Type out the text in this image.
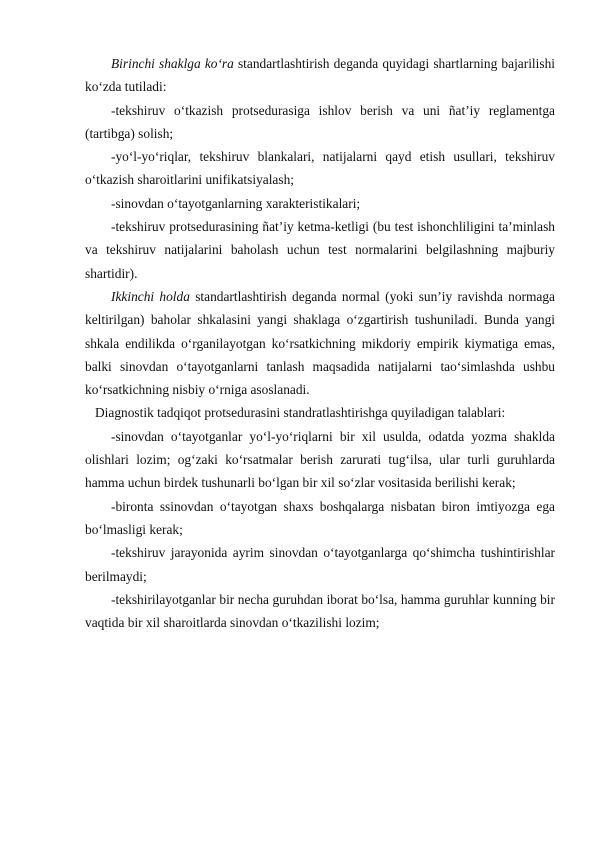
Birinchi shaklga ko‘ra standartlashtirish deganda quyidagi shartlarning bajarilishi ko‘zda tutiladi:

-tekshiruv o‘tkazish protsedurasiga ishlov berish va uni ñat’iy reglamentga (tartibga) solish;

-yo‘l-yo‘riqlar, tekshiruv blankalari, natijalarni qayd etish usullari, tekshiruv o‘tkazish sharoitlarini unifikatsiyalash;

-sinovdan o‘tayotganlarning xarakteristikalari;

-tekshiruv protsedurasining ñat’iy ketma-ketligi (bu test ishonchliligini ta’minlash va tekshiruv natijalarini baholash uchun test normalarini belgilashning majburiy shartidir).

Ikkinchi holda standartlashtirish deganda normal (yoki sun’iy ravishda normaga keltirilgan) baholar shkalasini yangi shaklaga o‘zgartirish tushuniladi. Bunda yangi shkala endilikda o‘rganilayotgan ko‘rsatkichning mikdoriy empirik kiymatiga emas, balki sinovdan o‘tayotganlarni tanlash maqsadida natijalarni tao‘simlashda ushbu ko‘rsatkichning nisbiy o‘rniga asoslanadi.

Diagnostik tadqiqot protsedurasini standratlashtirishga quyiladigan talablari:

-sinovdan o‘tayotganlar yo‘l-yo‘riqlarni bir xil usulda, odatda yozma shaklda olishlari lozim; og‘zaki ko‘rsatmalar berish zarurati tug‘ilsa, ular turli guruhlarda hamma uchun birdek tushunarli bo‘lgan bir xil so‘zlar vositasida berilishi kerak;

-bironta ssinovdan o‘tayotgan shaxs boshqalarga nisbatan biron imtiyozga ega bo‘lmasligi kerak;

-tekshiruv jarayonida ayrim sinovdan o‘tayotganlarga qo‘shimcha tushintirishlar berilmaydi;

-tekshirilayotganlar bir necha guruhdan iborat bo‘lsa, hamma guruhlar kunning bir vaqtida bir xil sharoitlarda sinovdan o‘tkazilishi lozim;
